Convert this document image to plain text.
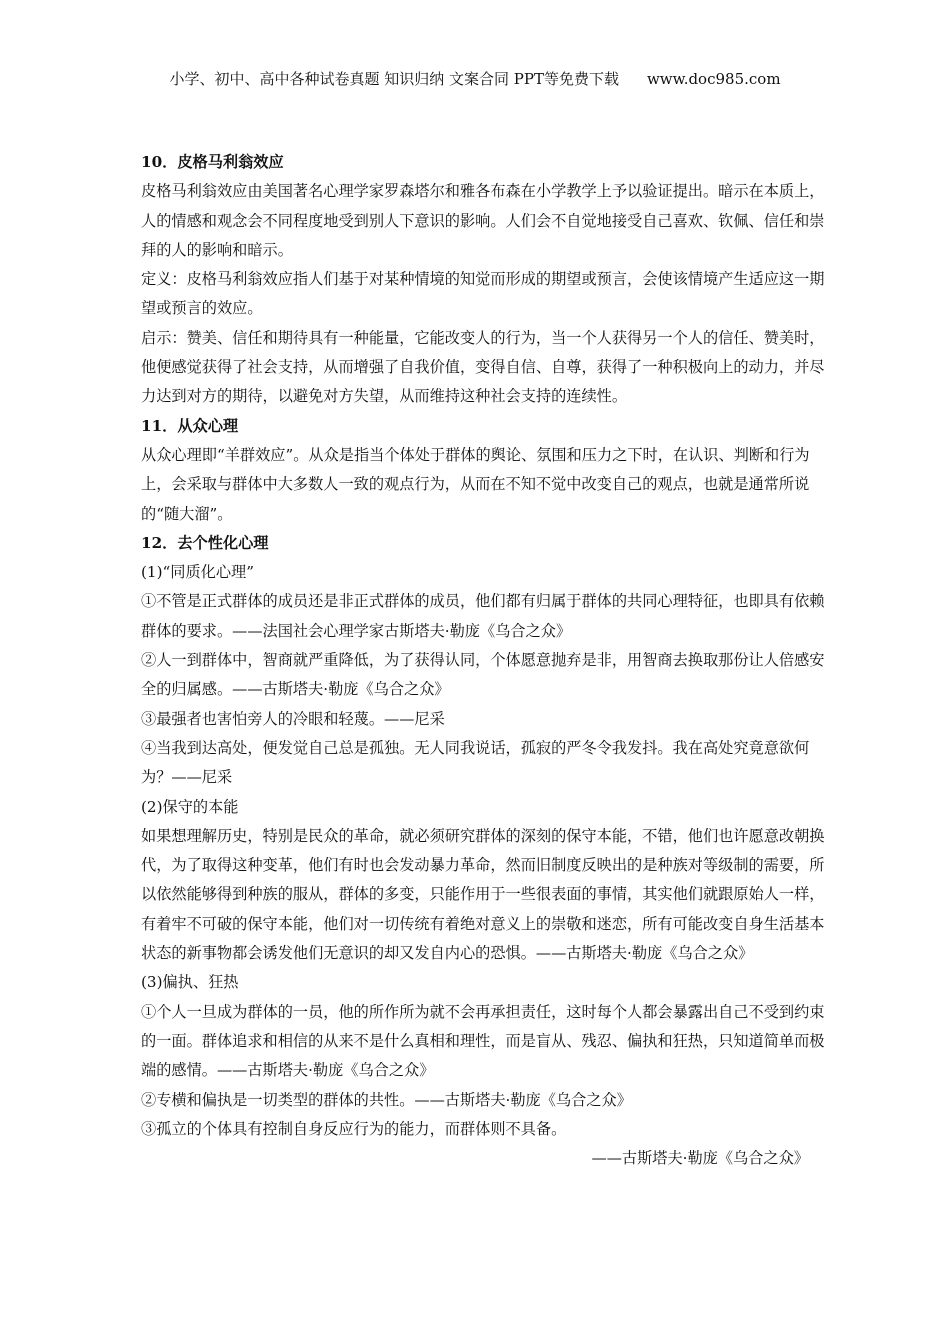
小学、初中、高中各种试卷真题 知识归纳 文案合同 PPT等免费下载 www.doc985.com

10．皮格马利翁效应

皮格马利翁效应由美国著名心理学家罗森塔尔和雅各布森在小学教学上予以验证提出。暗示在本质上，人的情感和观念会不同程度地受到别人下意识的影响。人们会不自觉地接受自己喜欢、钦佩、信任和崇拜的人的影响和暗示。

定义：皮格马利翁效应指人们基于对某种情境的知觉而形成的期望或预言，会使该情境产生适应这一期望或预言的效应。

启示：赞美、信任和期待具有一种能量，它能改变人的行为，当一个人获得另一个人的信任、赞美时，他便感觉获得了社会支持，从而增强了自我价值，变得自信、自尊，获得了一种积极向上的动力，并尽力达到对方的期待，以避免对方失望，从而维持这种社会支持的连续性。

11．从众心理

从众心理即“羊群效应”。从众是指当个体处于群体的舆论、氛围和压力之下时，在认识、判断和行为上，会采取与群体中大多数人一致的观点行为，从而在不知不觉中改变自己的观点，也就是通常所说的“随大溜”。

12．去个性化心理

(1)“同质化心理”

①不管是正式群体的成员还是非正式群体的成员，他们都有归属于群体的共同心理特征，也即具有依赖群体的要求。——法国社会心理学家古斯塔夫·勒庞《乌合之众》

②人一到群体中，智商就严重降低，为了获得认同，个体愿意抛弃是非，用智商去换取那份让人倍感安全的归属感。——古斯塔夫·勒庞《乌合之众》

③最强者也害怕旁人的冷眼和轻蔑。——尼采

④当我到达高处，便发觉自己总是孤独。无人同我说话，孤寂的严冬令我发抖。我在高处究竟意欲何为？——尼采

(2)保守的本能

如果想理解历史，特别是民众的革命，就必须研究群体的深刻的保守本能，不错，他们也许愿意改朝换代，为了取得这种变革，他们有时也会发动暴力革命，然而旧制度反映出的是种族对等级制的需要，所以依然能够得到种族的服从，群体的多变，只能作用于一些很表面的事情，其实他们就跟原始人一样，有着牢不可破的保守本能，他们对一切传统有着绝对意义上的崇敬和迷恋，所有可能改变自身生活基本状态的新事物都会诱发他们无意识的却又发自内心的恐惧。——古斯塔夫·勒庞《乌合之众》

(3)偏执、狂热

①个人一旦成为群体的一员，他的所作所为就不会再承担责任，这时每个人都会暴露出自己不受到约束的一面。群体追求和相信的从来不是什么真相和理性，而是盲从、残忍、偏执和狂热，只知道简单而极端的感情。——古斯塔夫·勒庞《乌合之众》

②专横和偏执是一切类型的群体的共性。——古斯塔夫·勒庞《乌合之众》

③孤立的个体具有控制自身反应行为的能力，而群体则不具备。

——古斯塔夫·勒庞《乌合之众》
